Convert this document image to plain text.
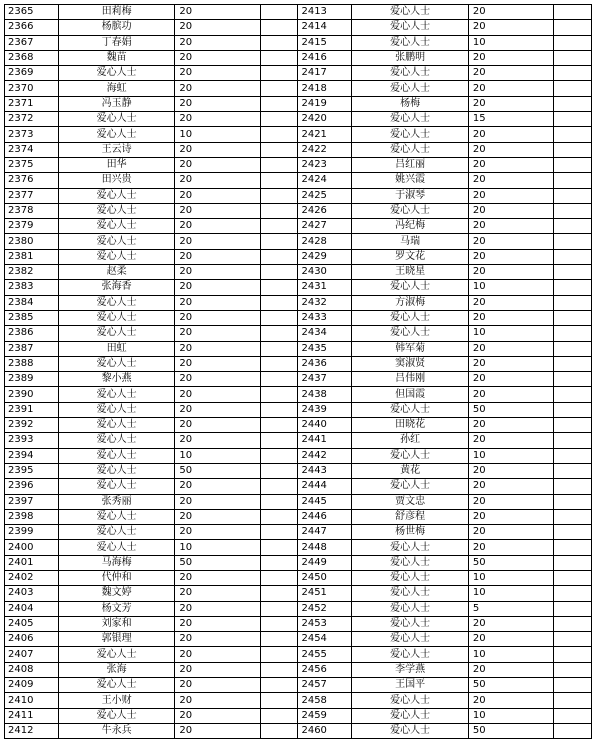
2365	田莉梅	20		2413	爱心人士	20	
2366	杨膑功	20		2414	爱心人士	20	
2367	丁春娟	20		2415	爱心人士	10	
2368	魏苗	20		2416	张鹏明	20	
2369	爱心人士	20		2417	爱心人士	20	
2370	海虹	20		2418	爱心人士	20	
2371	冯玉静	20		2419	杨梅	20	
2372	爱心人士	20		2420	爱心人士	15	
2373	爱心人士	10		2421	爱心人士	20	
2374	王云诗	20		2422	爱心人士	20	
2375	田华	20		2423	吕红丽	20	
2376	田兴贵	20		2424	姚兴霞	20	
2377	爱心人士	20		2425	于淑琴	20	
2378	爱心人士	20		2426	爱心人士	20	
2379	爱心人士	20		2427	冯纪梅	20	
2380	爱心人士	20		2428	马瑞	20	
2381	爱心人士	20		2429	罗文花	20	
2382	赵柔	20		2430	王晓星	20	
2383	张海香	20		2431	爱心人士	10	
2384	爱心人士	20		2432	方淑梅	20	
2385	爱心人士	20		2433	爱心人士	20	
2386	爱心人士	20		2434	爱心人士	10	
2387	田虹	20		2435	韩军菊	20	
2388	爱心人士	20		2436	窦淑贤	20	
2389	黎小燕	20		2437	吕伟刚	20	
2390	爱心人士	20		2438	但国霞	20	
2391	爱心人士	20		2439	爱心人士	50	
2392	爱心人士	20		2440	田晓花	20	
2393	爱心人士	20		2441	孙红	20	
2394	爱心人士	10		2442	爱心人士	10	
2395	爱心人士	50		2443	黄花	20	
2396	爱心人士	20		2444	爱心人士	20	
2397	张秀丽	20		2445	贾文忠	20	
2398	爱心人士	20		2446	舒彦程	20	
2399	爱心人士	20		2447	杨世梅	20	
2400	爱心人士	10		2448	爱心人士	20	
2401	马海梅	50		2449	爱心人士	50	
2402	代仲和	20		2450	爱心人士	10	
2403	魏文婷	20		2451	爱心人士	10	
2404	杨文芳	20		2452	爱心人士	5	
2405	刘家和	20		2453	爱心人士	20	
2406	郭银理	20		2454	爱心人士	20	
2407	爱心人士	20		2455	爱心人士	10	
2408	张海	20		2456	李学燕	20	
2409	爱心人士	20		2457	王国平	50	
2410	王小财	20		2458	爱心人士	20	
2411	爱心人士	20		2459	爱心人士	10	
2412	牛永兵	20		2460	爱心人士	50	
